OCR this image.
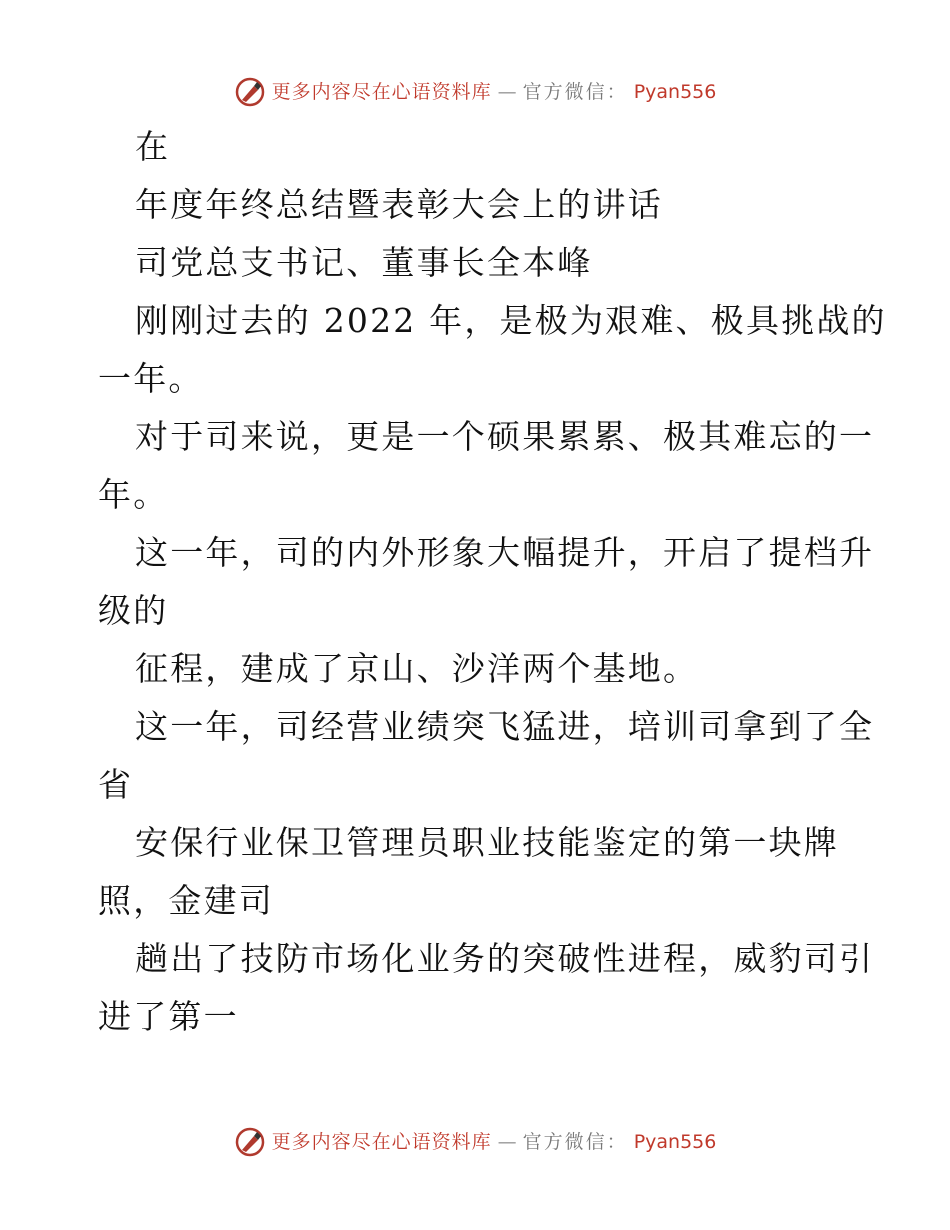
更多内容尽在心语资料库 — 官方微信： Pyan556
在
年度年终总结暨表彰大会上的讲话
司党总支书记、董事长全本峰
刚刚过去的 2022 年，是极为艰难、极具挑战的
一年。
对于司来说，更是一个硕果累累、极其难忘的一
年。
这一年，司的内外形象大幅提升，开启了提档升
级的
征程，建成了京山、沙洋两个基地。
这一年，司经营业绩突飞猛进，培训司拿到了全
省
安保行业保卫管理员职业技能鉴定的第一块牌
照，金建司
趟出了技防市场化业务的突破性进程，威豹司引
进了第一
更多内容尽在心语资料库 — 官方微信： Pyan556
